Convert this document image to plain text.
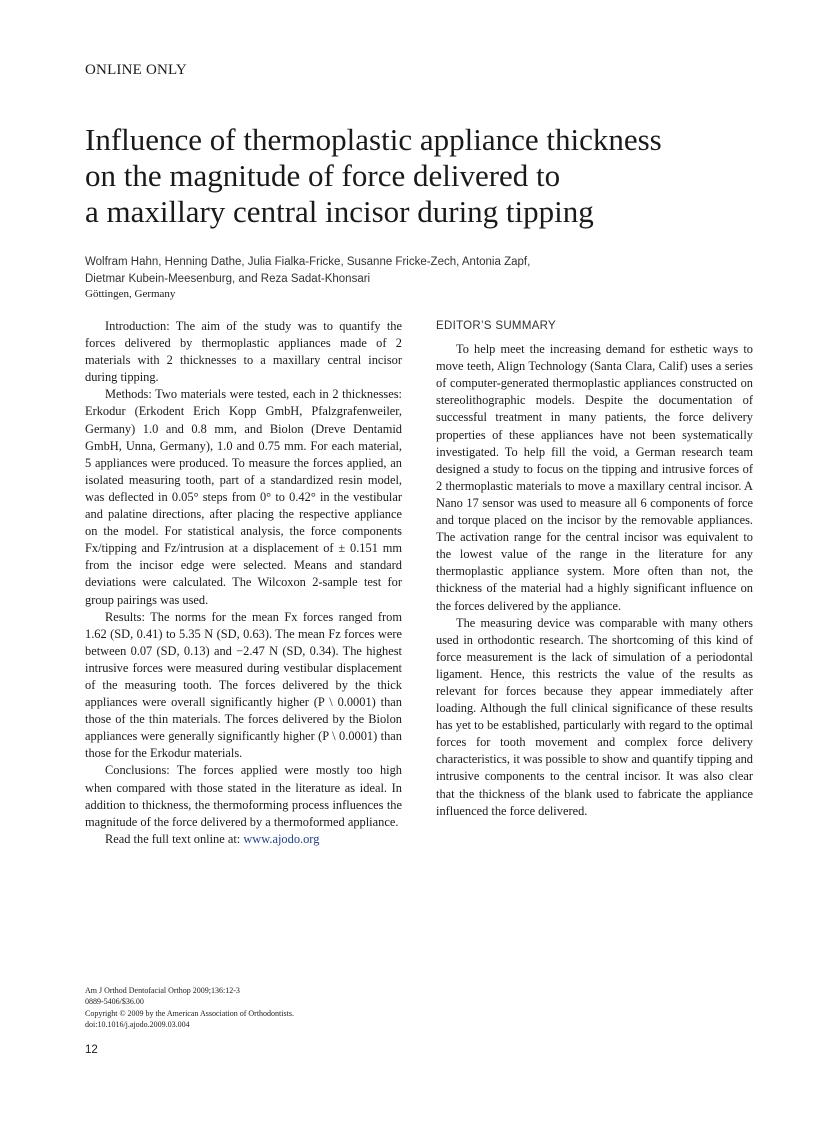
ONLINE ONLY
Influence of thermoplastic appliance thickness
on the magnitude of force delivered to
a maxillary central incisor during tipping
Wolfram Hahn, Henning Dathe, Julia Fialka-Fricke, Susanne Fricke-Zech, Antonia Zapf,
Dietmar Kubein-Meesenburg, and Reza Sadat-Khonsari
Göttingen, Germany

Introduction: The aim of the study was to quantify the forces delivered by thermoplastic appliances made of 2 materials with 2 thicknesses to a maxillary central incisor during tipping.

Methods: Two materials were tested, each in 2 thicknesses: Erkodur (Erkodent Erich Kopp GmbH, Pfalzgrafenweiler, Germany) 1.0 and 0.8 mm, and Biolon (Dreve Dentamid GmbH, Unna, Germany), 1.0 and 0.75 mm. For each material, 5 appliances were produced. To measure the forces applied, an isolated measuring tooth, part of a standardized resin model, was deflected in 0.05° steps from 0° to 0.42° in the vestibular and palatine directions, after placing the respective appliance on the model. For statistical analysis, the force components Fx/tipping and Fz/intrusion at a displacement of ± 0.151 mm from the incisor edge were selected. Means and standard deviations were calculated. The Wilcoxon 2-sample test for group pairings was used.

Results: The norms for the mean Fx forces ranged from 1.62 (SD, 0.41) to 5.35 N (SD, 0.63). The mean Fz forces were between 0.07 (SD, 0.13) and −2.47 N (SD, 0.34). The highest intrusive forces were measured during vestibular displacement of the measuring tooth. The forces delivered by the thick appliances were overall significantly higher (P \ 0.0001) than those of the thin materials. The forces delivered by the Biolon appliances were generally significantly higher (P \ 0.0001) than those for the Erkodur materials.

Conclusions: The forces applied were mostly too high when compared with those stated in the literature as ideal. In addition to thickness, the thermoforming process influences the magnitude of the force delivered by a thermoformed appliance.

Read the full text online at: www.ajodo.org

EDITOR’S SUMMARY

To help meet the increasing demand for esthetic ways to move teeth, Align Technology (Santa Clara, Calif) uses a series of computer-generated thermoplastic appliances constructed on stereolithographic models. Despite the documentation of successful treatment in many patients, the force delivery properties of these appliances have not been systematically investigated. To help fill the void, a German research team designed a study to focus on the tipping and intrusive forces of 2 thermoplastic materials to move a maxillary central incisor. A Nano 17 sensor was used to measure all 6 components of force and torque placed on the incisor by the removable appliances. The activation range for the central incisor was equivalent to the lowest value of the range in the literature for any thermoplastic appliance system. More often than not, the thickness of the material had a highly significant influence on the forces delivered by the appliance.

The measuring device was comparable with many others used in orthodontic research. The shortcoming of this kind of force measurement is the lack of simulation of a periodontal ligament. Hence, this restricts the value of the results as relevant for forces because they appear immediately after loading. Although the full clinical significance of these results has yet to be established, particularly with regard to the optimal forces for tooth movement and complex force delivery characteristics, it was possible to show and quantify tipping and intrusive components to the central incisor. It was also clear that the thickness of the blank used to fabricate the appliance influenced the force delivered.

Am J Orthod Dentofacial Orthop 2009;136:12-3
0889-5406/$36.00
Copyright © 2009 by the American Association of Orthodontists.
doi:10.1016/j.ajodo.2009.03.004
12
